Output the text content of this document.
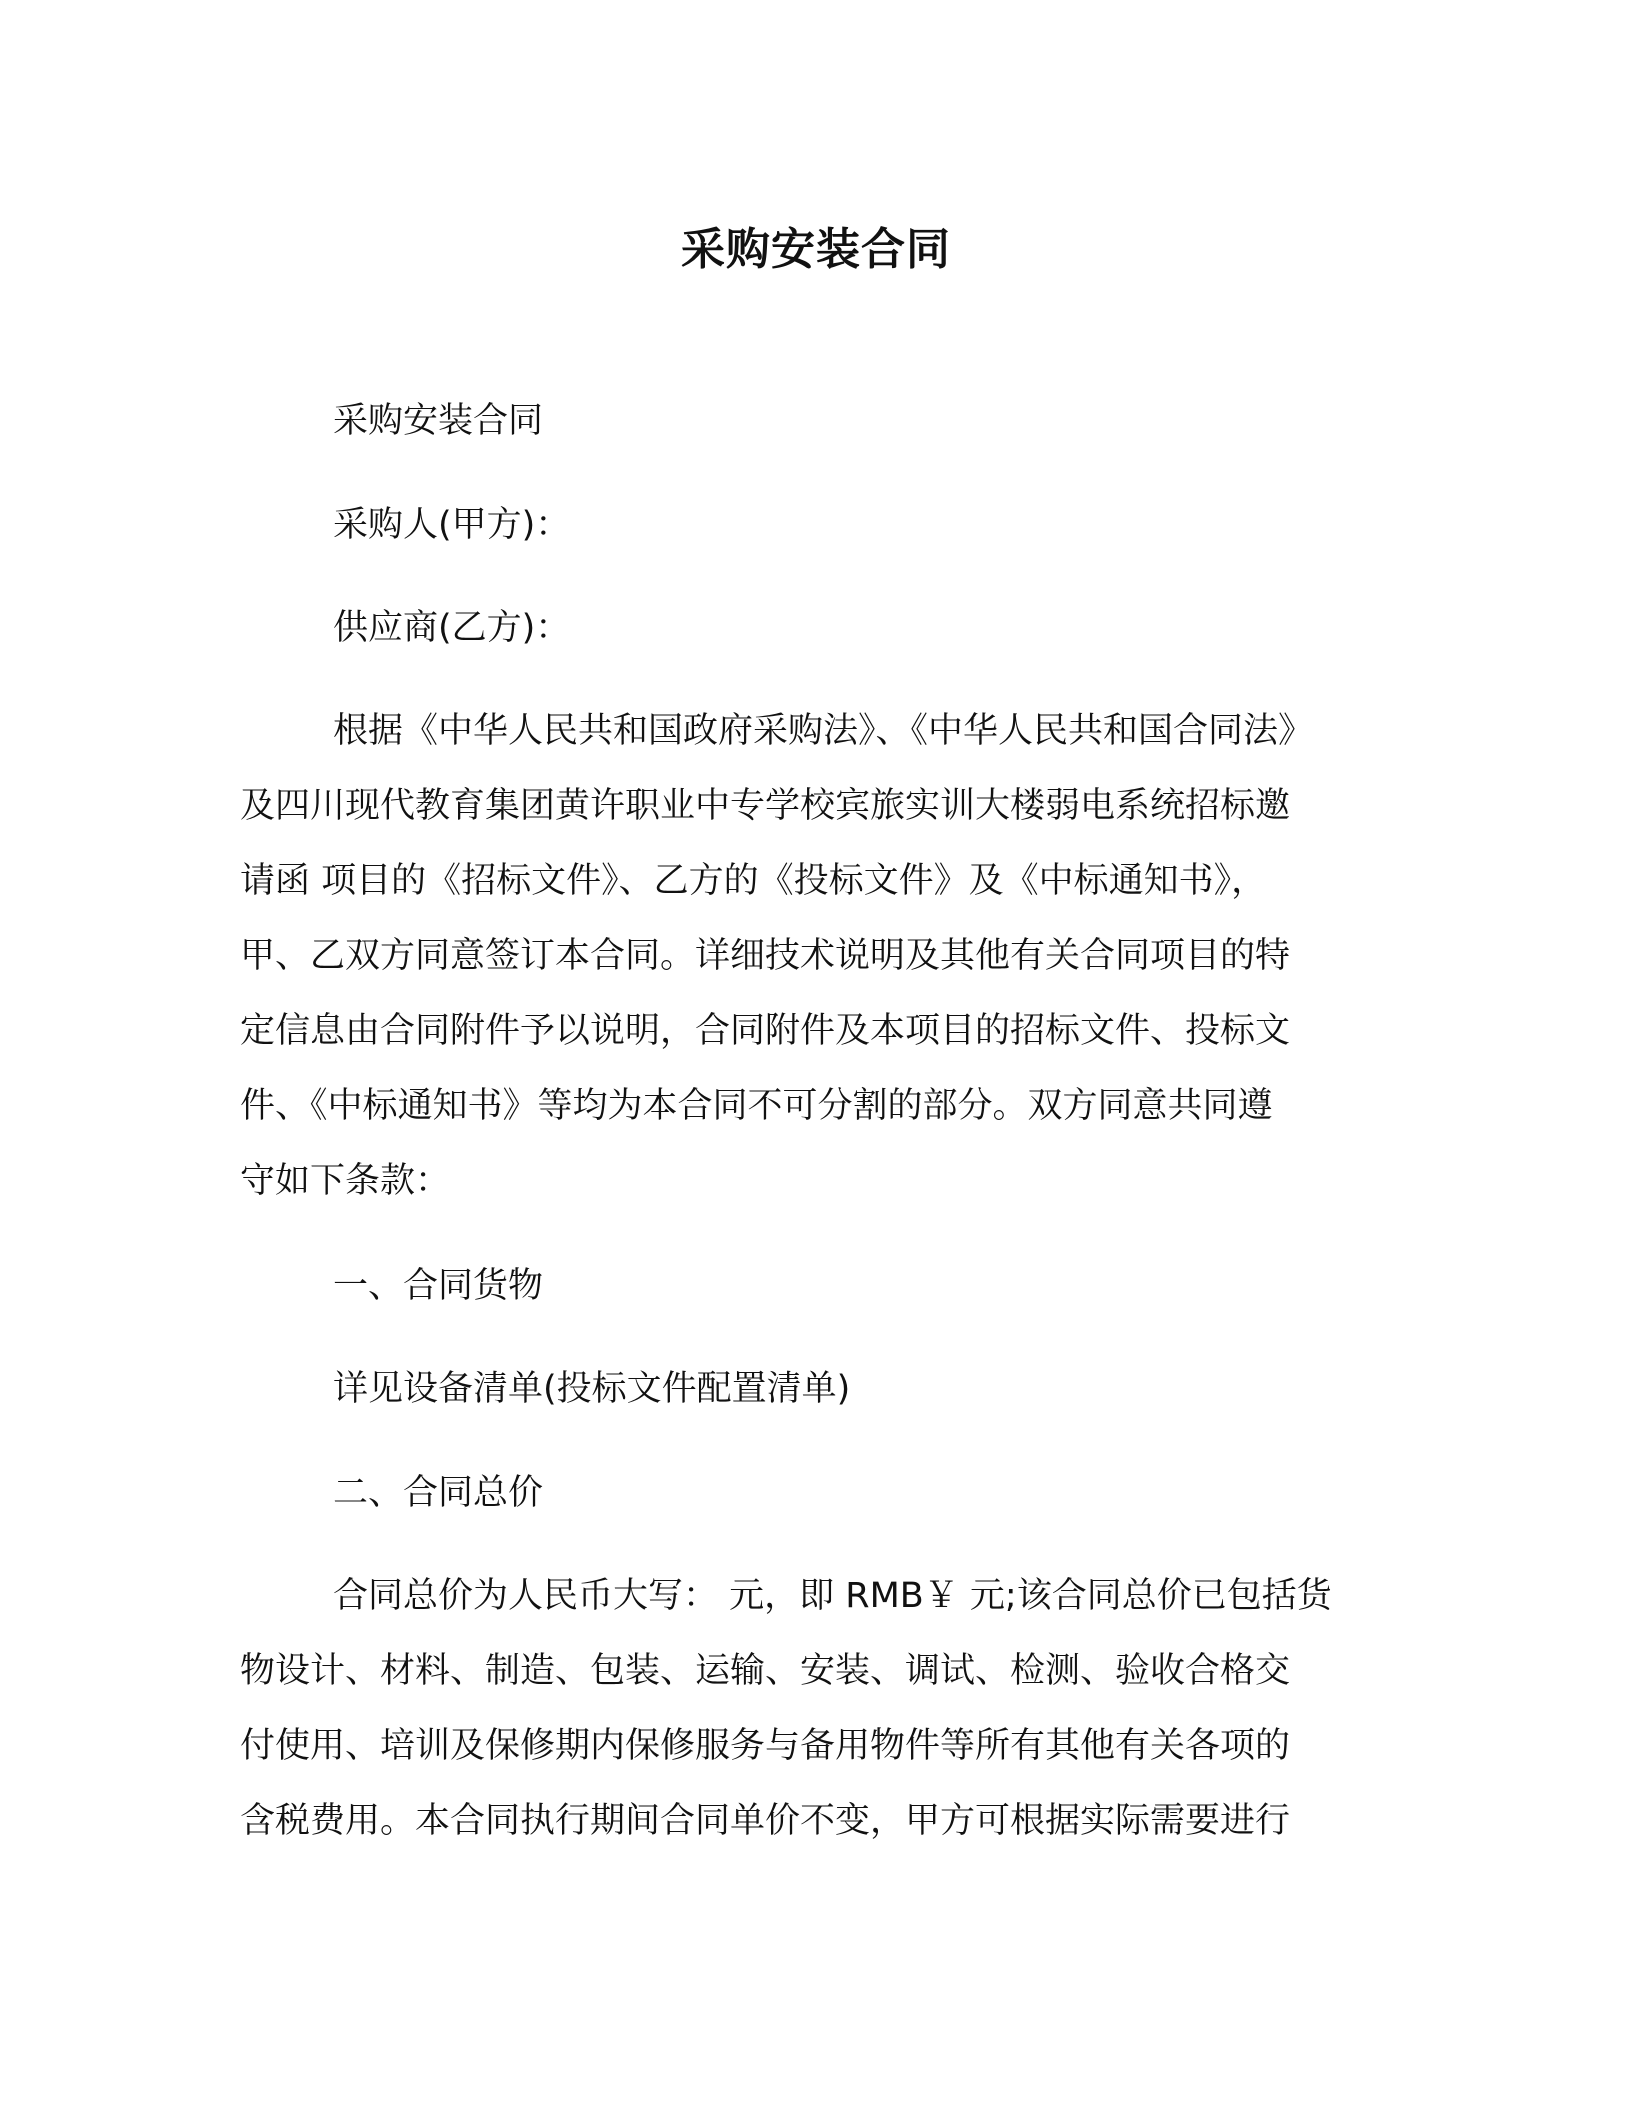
采购安装合同

采购安装合同

采购人(甲方)：

供应商(乙方)：

根据《中华人民共和国政府采购法》、《中华人民共和国合同法》

及四川现代教育集团黄许职业中专学校宾旅实训大楼弱电系统招标邀

请函 项目的《招标文件》、乙方的《投标文件》及《中标通知书》，

甲、乙双方同意签订本合同。详细技术说明及其他有关合同项目的特

定信息由合同附件予以说明，合同附件及本项目的招标文件、投标文

件、《中标通知书》等均为本合同不可分割的部分。双方同意共同遵

守如下条款：

一、合同货物

详见设备清单(投标文件配置清单)

二、合同总价

合同总价为人民币大写： 元，即 RMB￥ 元;该合同总价已包括货

物设计、材料、制造、包装、运输、安装、调试、检测、验收合格交

付使用、培训及保修期内保修服务与备用物件等所有其他有关各项的

含税费用。本合同执行期间合同单价不变，甲方可根据实际需要进行
